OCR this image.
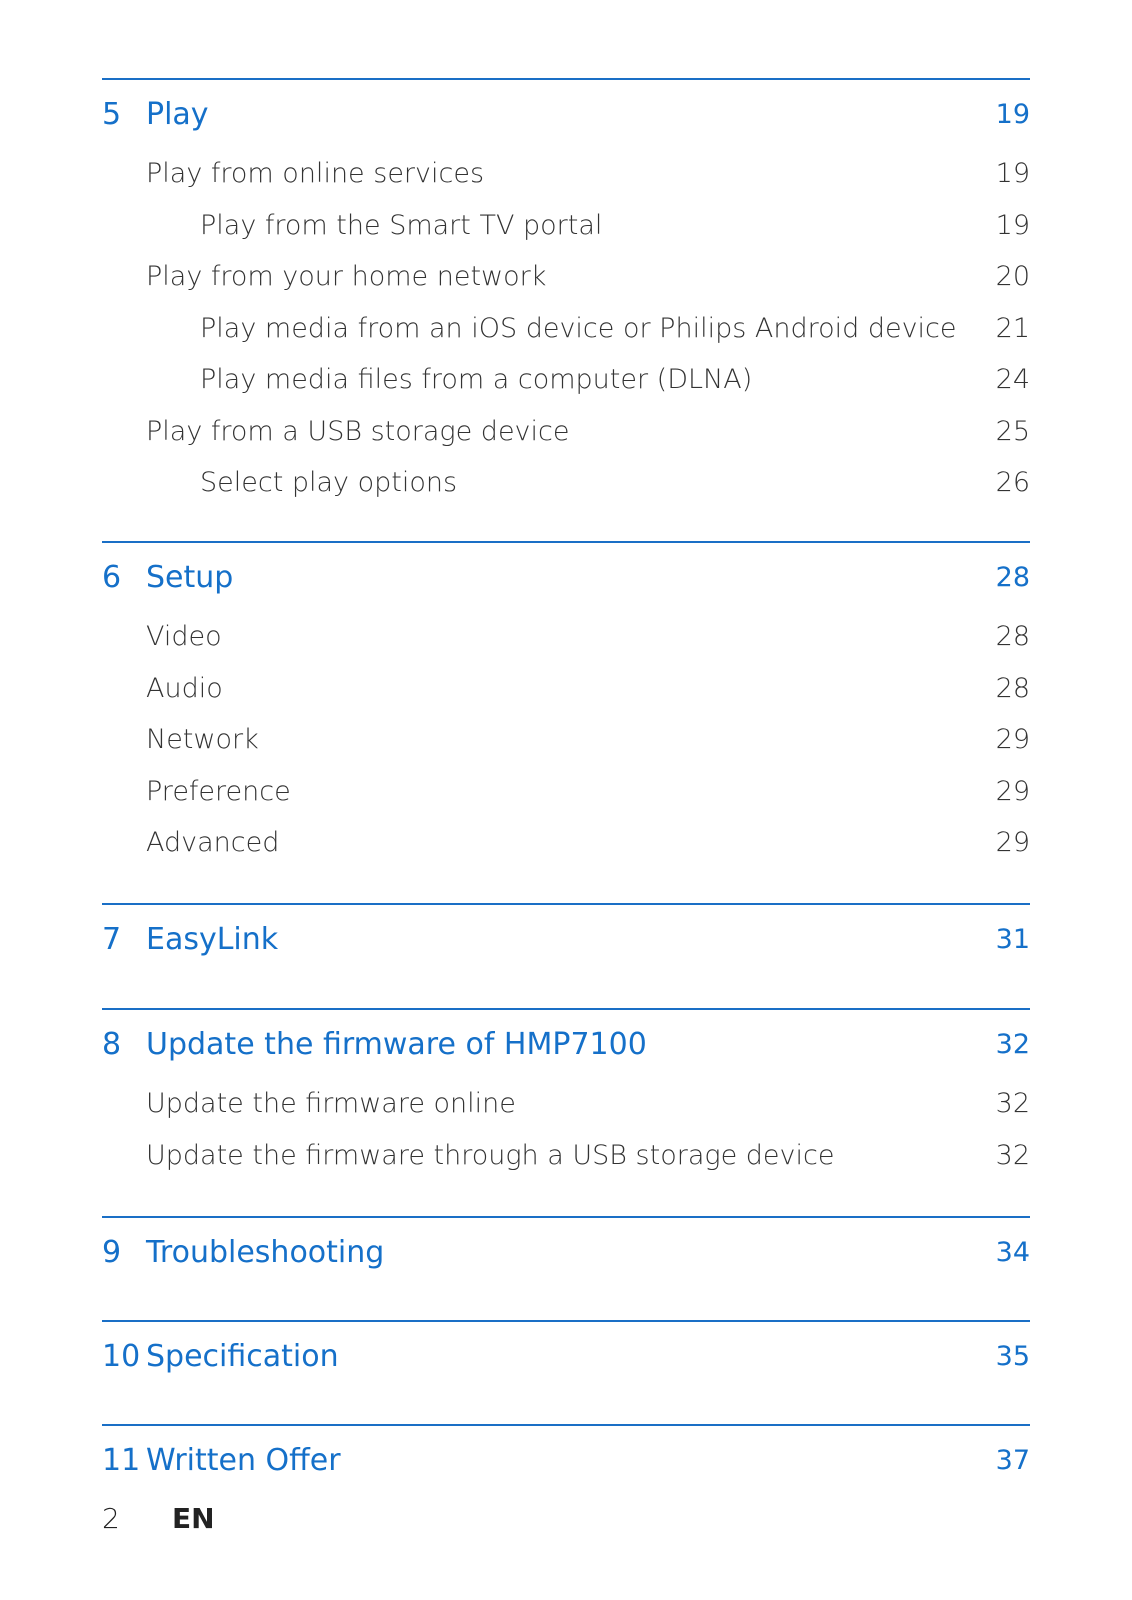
5 Play	19
Play from online services	19
Play from the Smart TV portal	19
Play from your home network	20
Play media from an iOS device or Philips Android device	21
Play media files from a computer (DLNA)	24
Play from a USB storage device	25
Select play options	26
6 Setup	28
Video	28
Audio	28
Network	29
Preference	29
Advanced	29
7 EasyLink	31
8 Update the firmware of HMP7100	32
Update the firmware online	32
Update the firmware through a USB storage device	32
9 Troubleshooting	34
10 Specification	35
11 Written Offer	37
2	EN
